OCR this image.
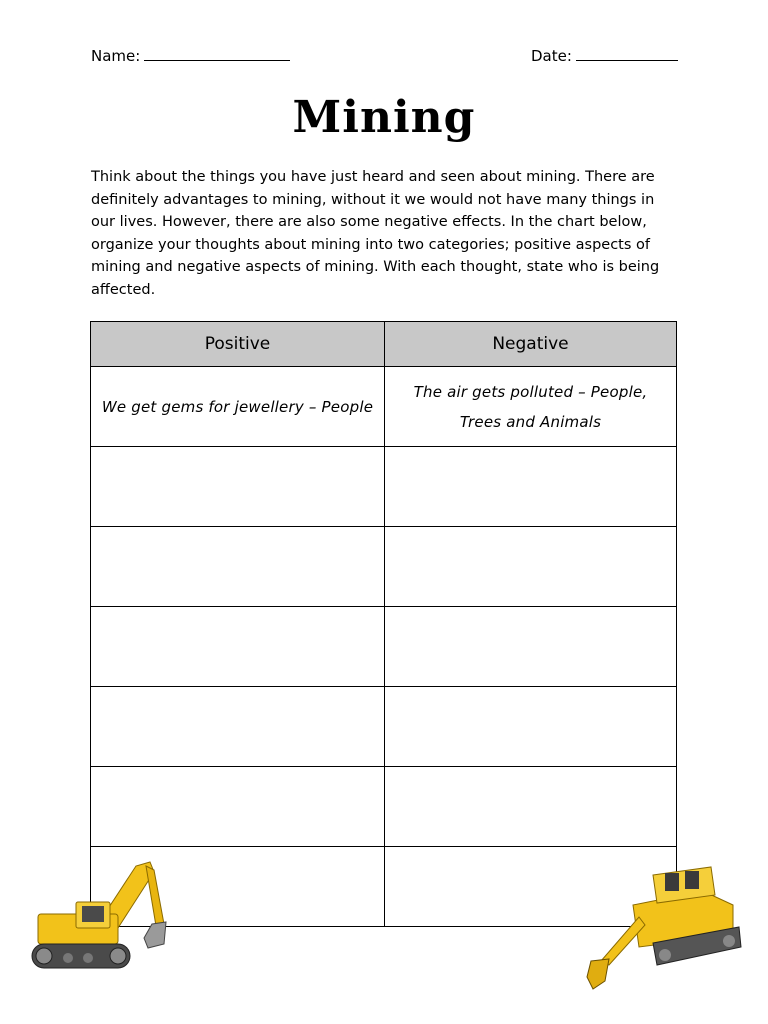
Name:	Date:
Mining
Think about the things you have just heard and seen about mining. There are definitely advantages to mining, without it we would not have many things in our lives. However, there are also some negative effects. In the chart below, organize your thoughts about mining into two categories; positive aspects of mining and negative aspects of mining. With each thought, state who is being affected.
Positive	Negative
We get gems for jewellery – People	The air gets polluted – People, Trees and Animals
